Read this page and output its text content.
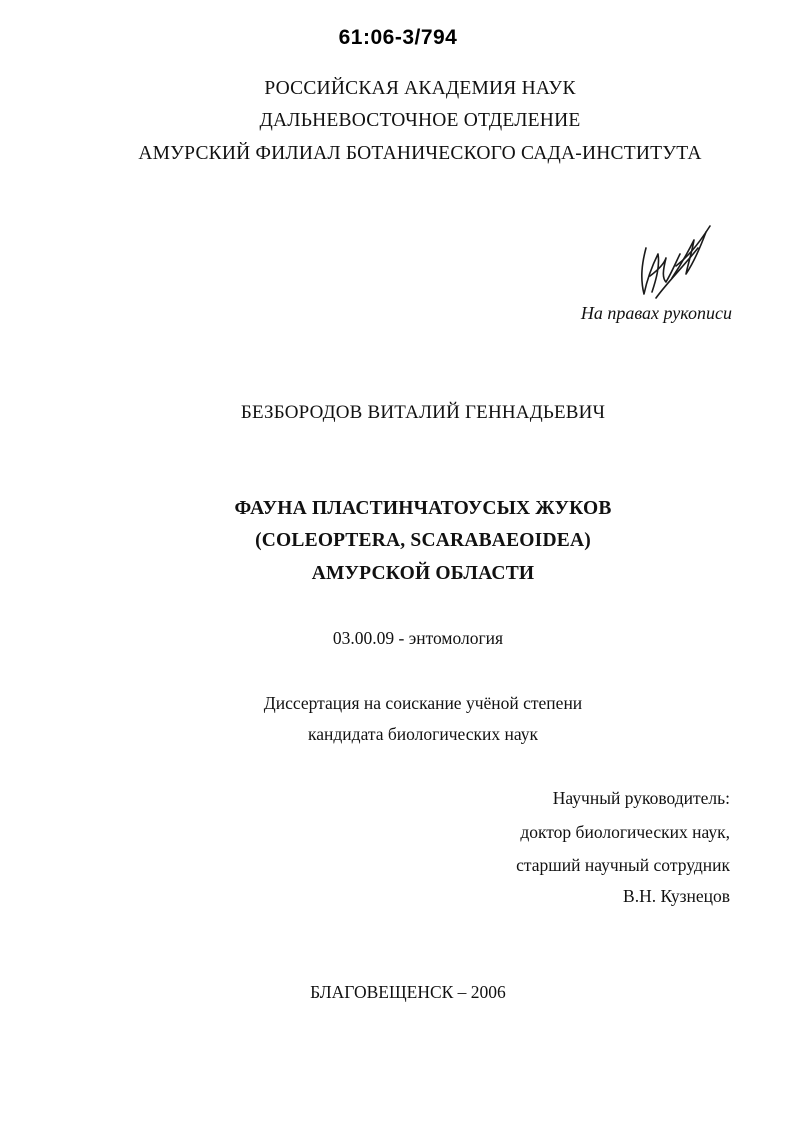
61:06-3/794
РОССИЙСКАЯ АКАДЕМИЯ НАУК
ДАЛЬНЕВОСТОЧНОЕ ОТДЕЛЕНИЕ
АМУРСКИЙ ФИЛИАЛ БОТАНИЧЕСКОГО САДА-ИНСТИТУТА
На правах рукописи
БЕЗБОРОДОВ ВИТАЛИЙ ГЕННАДЬЕВИЧ
ФАУНА ПЛАСТИНЧАТОУСЫХ ЖУКОВ
(COLEOPTERA, SCARABAEOIDEA)
АМУРСКОЙ ОБЛАСТИ
03.00.09 - энтомология
Диссертация на соискание учёной степени
кандидата биологических наук
Научный руководитель:
доктор биологических наук,
старший научный сотрудник
В.Н. Кузнецов
БЛАГОВЕЩЕНСК – 2006
